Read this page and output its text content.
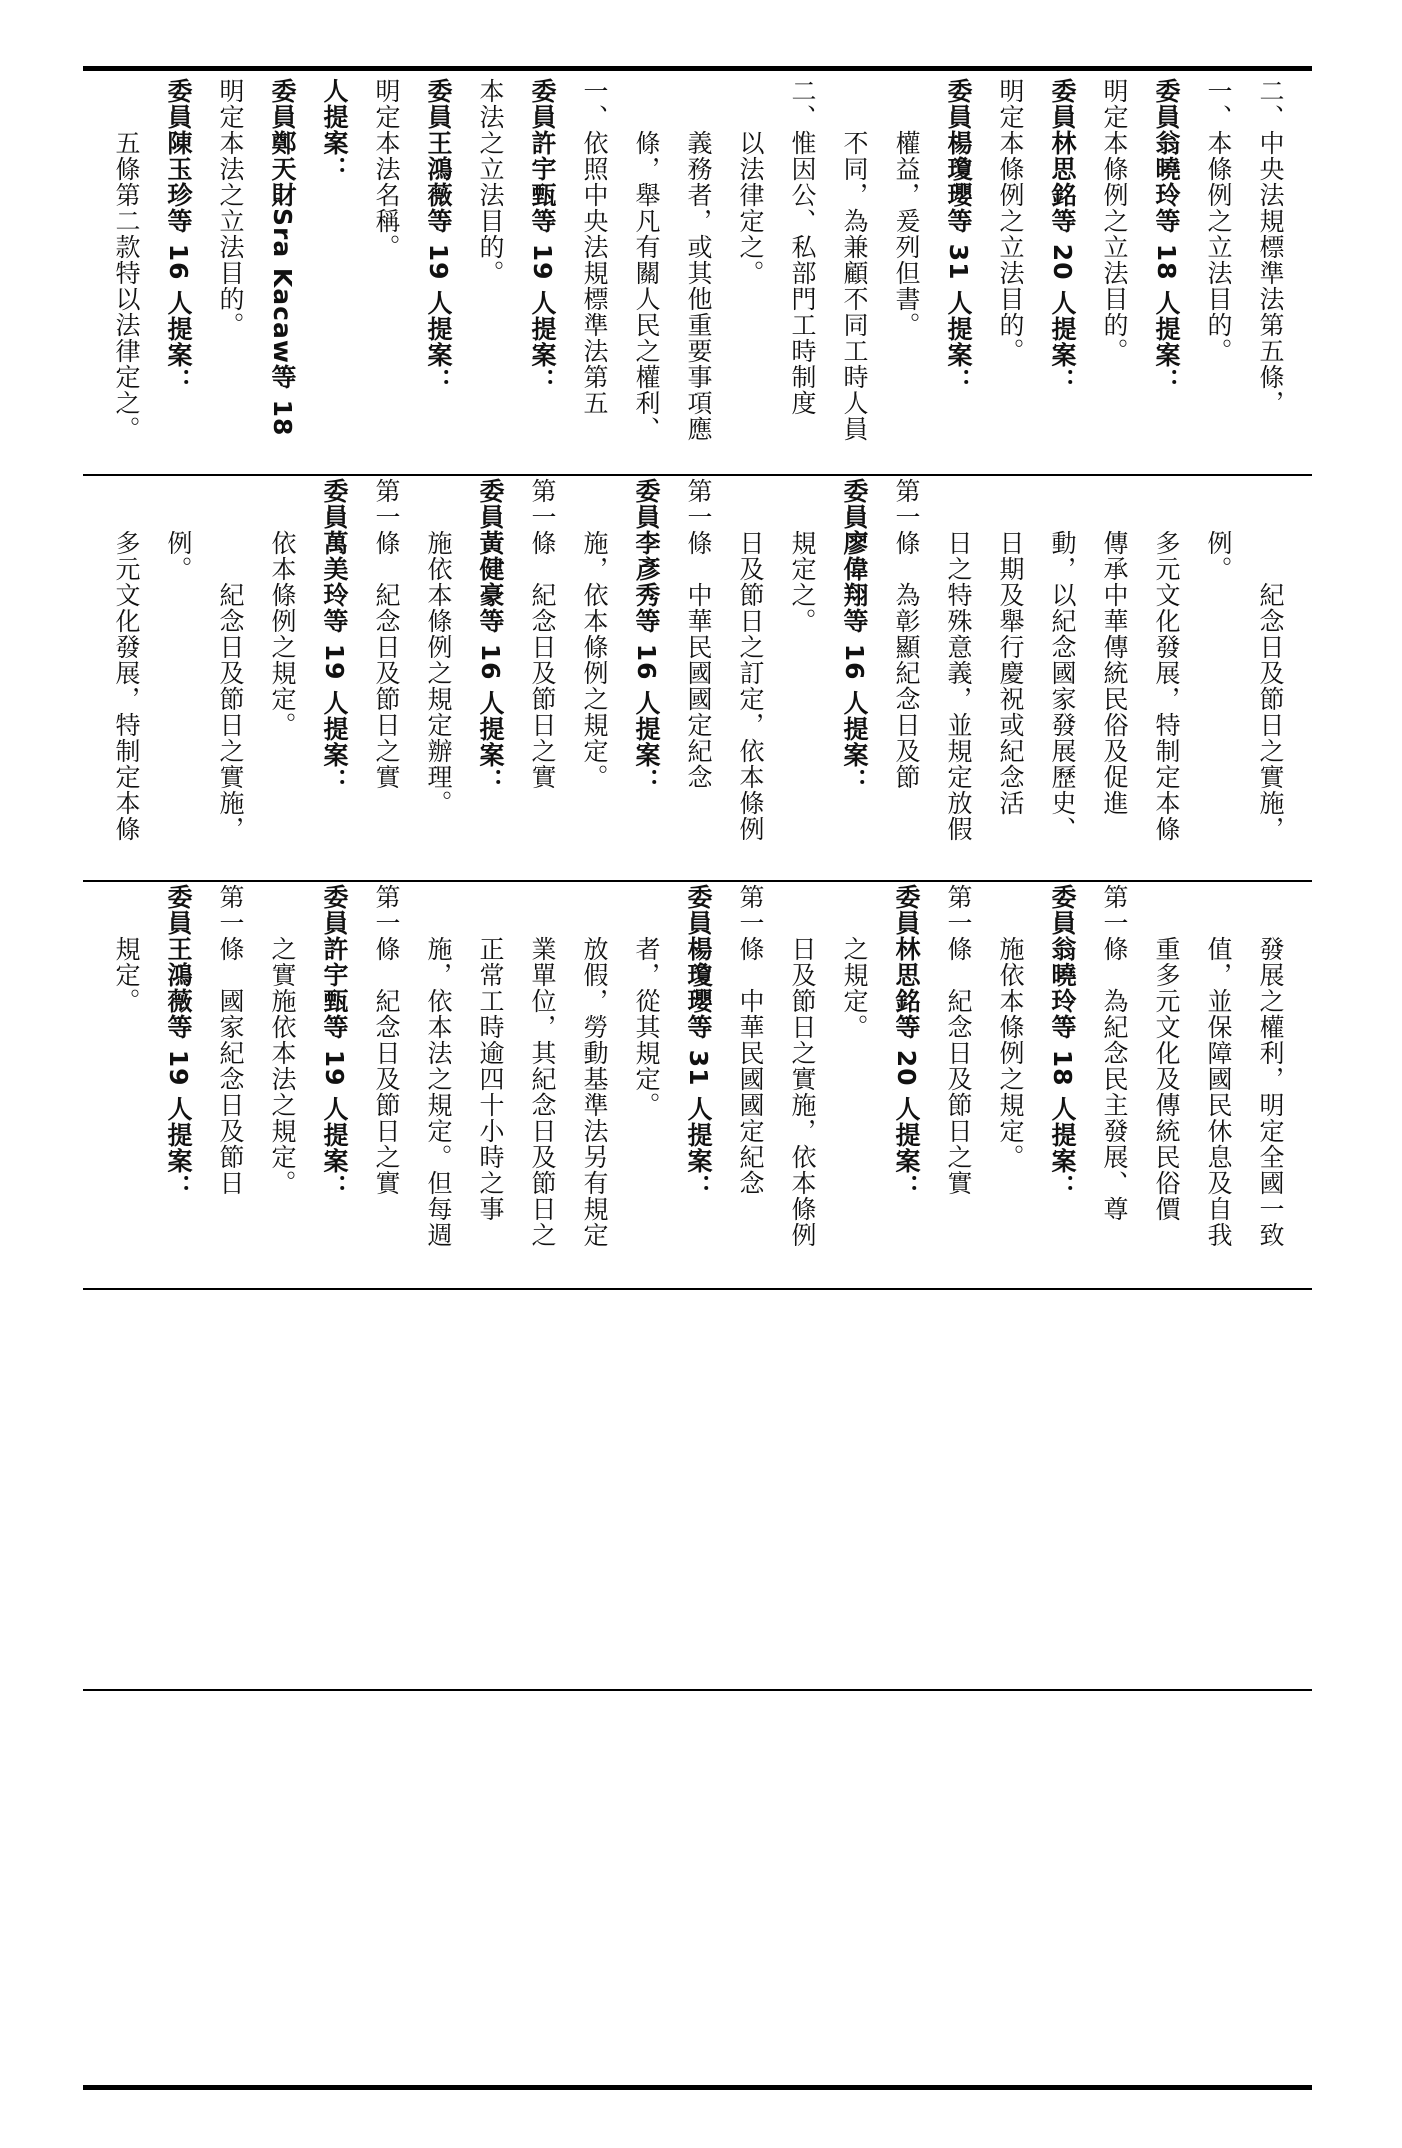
五條第二款特以法律定之。 委員陳玉珍等 16 人提案： 明定本法之立法目的。 委員鄭天財Sra Kacaw等 18 人提案： 明定本法名稱。 委員王鴻薇等 19 人提案： 本法之立法目的。 委員許宇甄等 19 人提案： 一、依照中央法規標準法第五 條，舉凡有關人民之權利、 義務者，或其他重要事項應 以法律定之。 二、惟因公、私部門工時制度 不同，為兼顧不同工時人員 權益，爰列但書。 委員楊瓊瓔等 31 人提案： 明定本條例之立法目的。 委員林思銘等 20 人提案： 明定本條例之立法目的。 委員翁曉玲等 18 人提案： 一、本條例之立法目的。 二、中央法規標準法第五條，
多元文化發展，特制定本條 例。
紀念日及節日之實施， 依本條例之規定。 委員萬美玲等 19 人提案： 第一條　紀念日及節日之實 施依本條例之規定辦理。 委員黃健豪等 16 人提案： 第一條　紀念日及節日之實 施，依本條例之規定。 委員李彥秀等 16 人提案： 第一條　中華民國國定紀念 日及節日之訂定，依本條例 規定之。 委員廖偉翔等 16 人提案： 第一條　為彰顯紀念日及節 日之特殊意義，並規定放假 日期及舉行慶祝或紀念活 動，以紀念國家發展歷史、 傳承中華傳統民俗及促進 多元文化發展，特制定本條 例。
紀念日及節日之實施，
規定。 委員王鴻薇等 19 人提案： 第一條　國家紀念日及節日 之實施依本法之規定。 委員許宇甄等 19 人提案： 第一條　紀念日及節日之實 施，依本法之規定。但每週 正常工時逾四十小時之事 業單位，其紀念日及節日之 放假，勞動基準法另有規定 者，從其規定。 委員楊瓊瓔等 31 人提案： 第一條　中華民國國定紀念 日及節日之實施，依本條例 之規定。 委員林思銘等 20 人提案： 第一條　紀念日及節日之實 施依本條例之規定。 委員翁曉玲等 18 人提案： 第一條　為紀念民主發展、尊 重多元文化及傳統民俗價 值，並保障國民休息及自我 發展之權利，明定全國一致
